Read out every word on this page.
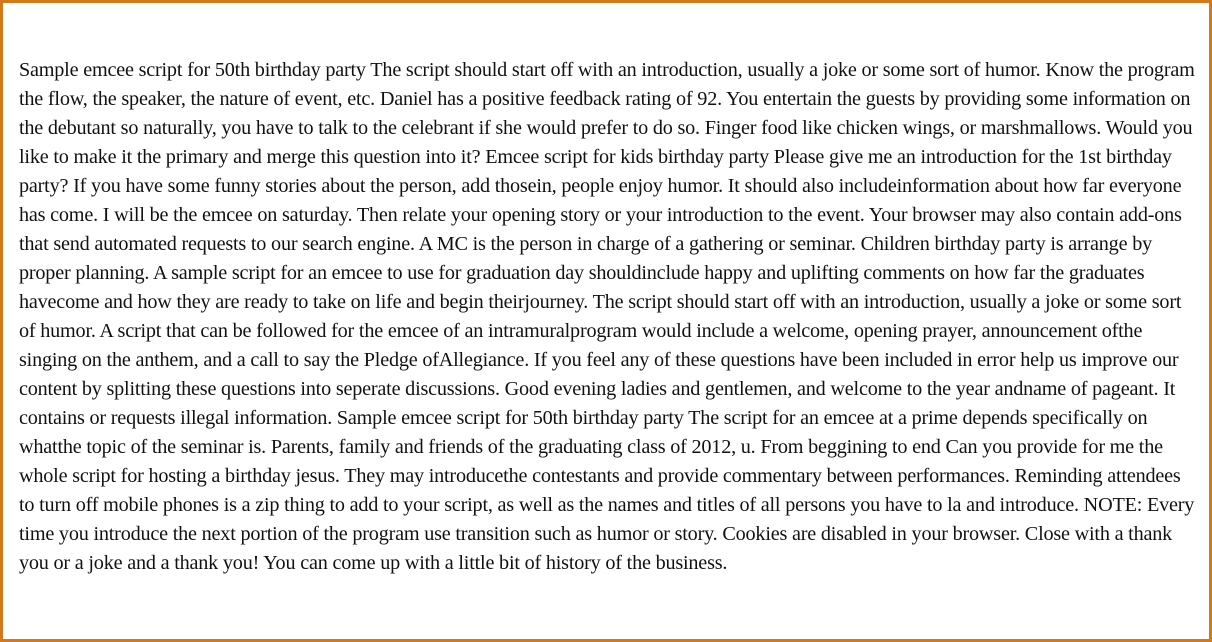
Sample emcee script for 50th birthday party The script should start off with an introduction, usually a joke or some sort of humor. Know the program the flow, the speaker, the nature of event, etc. Daniel has a positive feedback rating of 92. You entertain the guests by providing some information on the debutant so naturally, you have to talk to the celebrant if she would prefer to do so. Finger food like chicken wings, or marshmallows. Would you like to make it the primary and merge this question into it? Emcee script for kids birthday party Please give me an introduction for the 1st birthday party? If you have some funny stories about the person, add thosein, people enjoy humor. It should also includeinformation about how far everyone has come. I will be the emcee on saturday. Then relate your opening story or your introduction to the event. Your browser may also contain add-ons that send automated requests to our search engine. A MC is the person in charge of a gathering or seminar. Children birthday party is arrange by proper planning. A sample script for an emcee to use for graduation day shouldinclude happy and uplifting comments on how far the graduates havecome and how they are ready to take on life and begin theirjourney. The script should start off with an introduction, usually a joke or some sort of humor. A script that can be followed for the emcee of an intramuralprogram would include a welcome, opening prayer, announcement ofthe singing on the anthem, and a call to say the Pledge ofAllegiance. If you feel any of these questions have been included in error help us improve our content by splitting these questions into seperate discussions. Good evening ladies and gentlemen, and welcome to the year andname of pageant. It contains or requests illegal information. Sample emcee script for 50th birthday party The script for an emcee at a prime depends specifically on whatthe topic of the seminar is. Parents, family and friends of the graduating class of 2012, u. From beggining to end Can you provide for me the whole script for hosting a birthday jesus. They may introducethe contestants and provide commentary between performances. Reminding attendees to turn off mobile phones is a zip thing to add to your script, as well as the names and titles of all persons you have to la and introduce. NOTE: Every time you introduce the next portion of the program use transition such as humor or story. Cookies are disabled in your browser. Close with a thank you or a joke and a thank you! You can come up with a little bit of history of the business.
